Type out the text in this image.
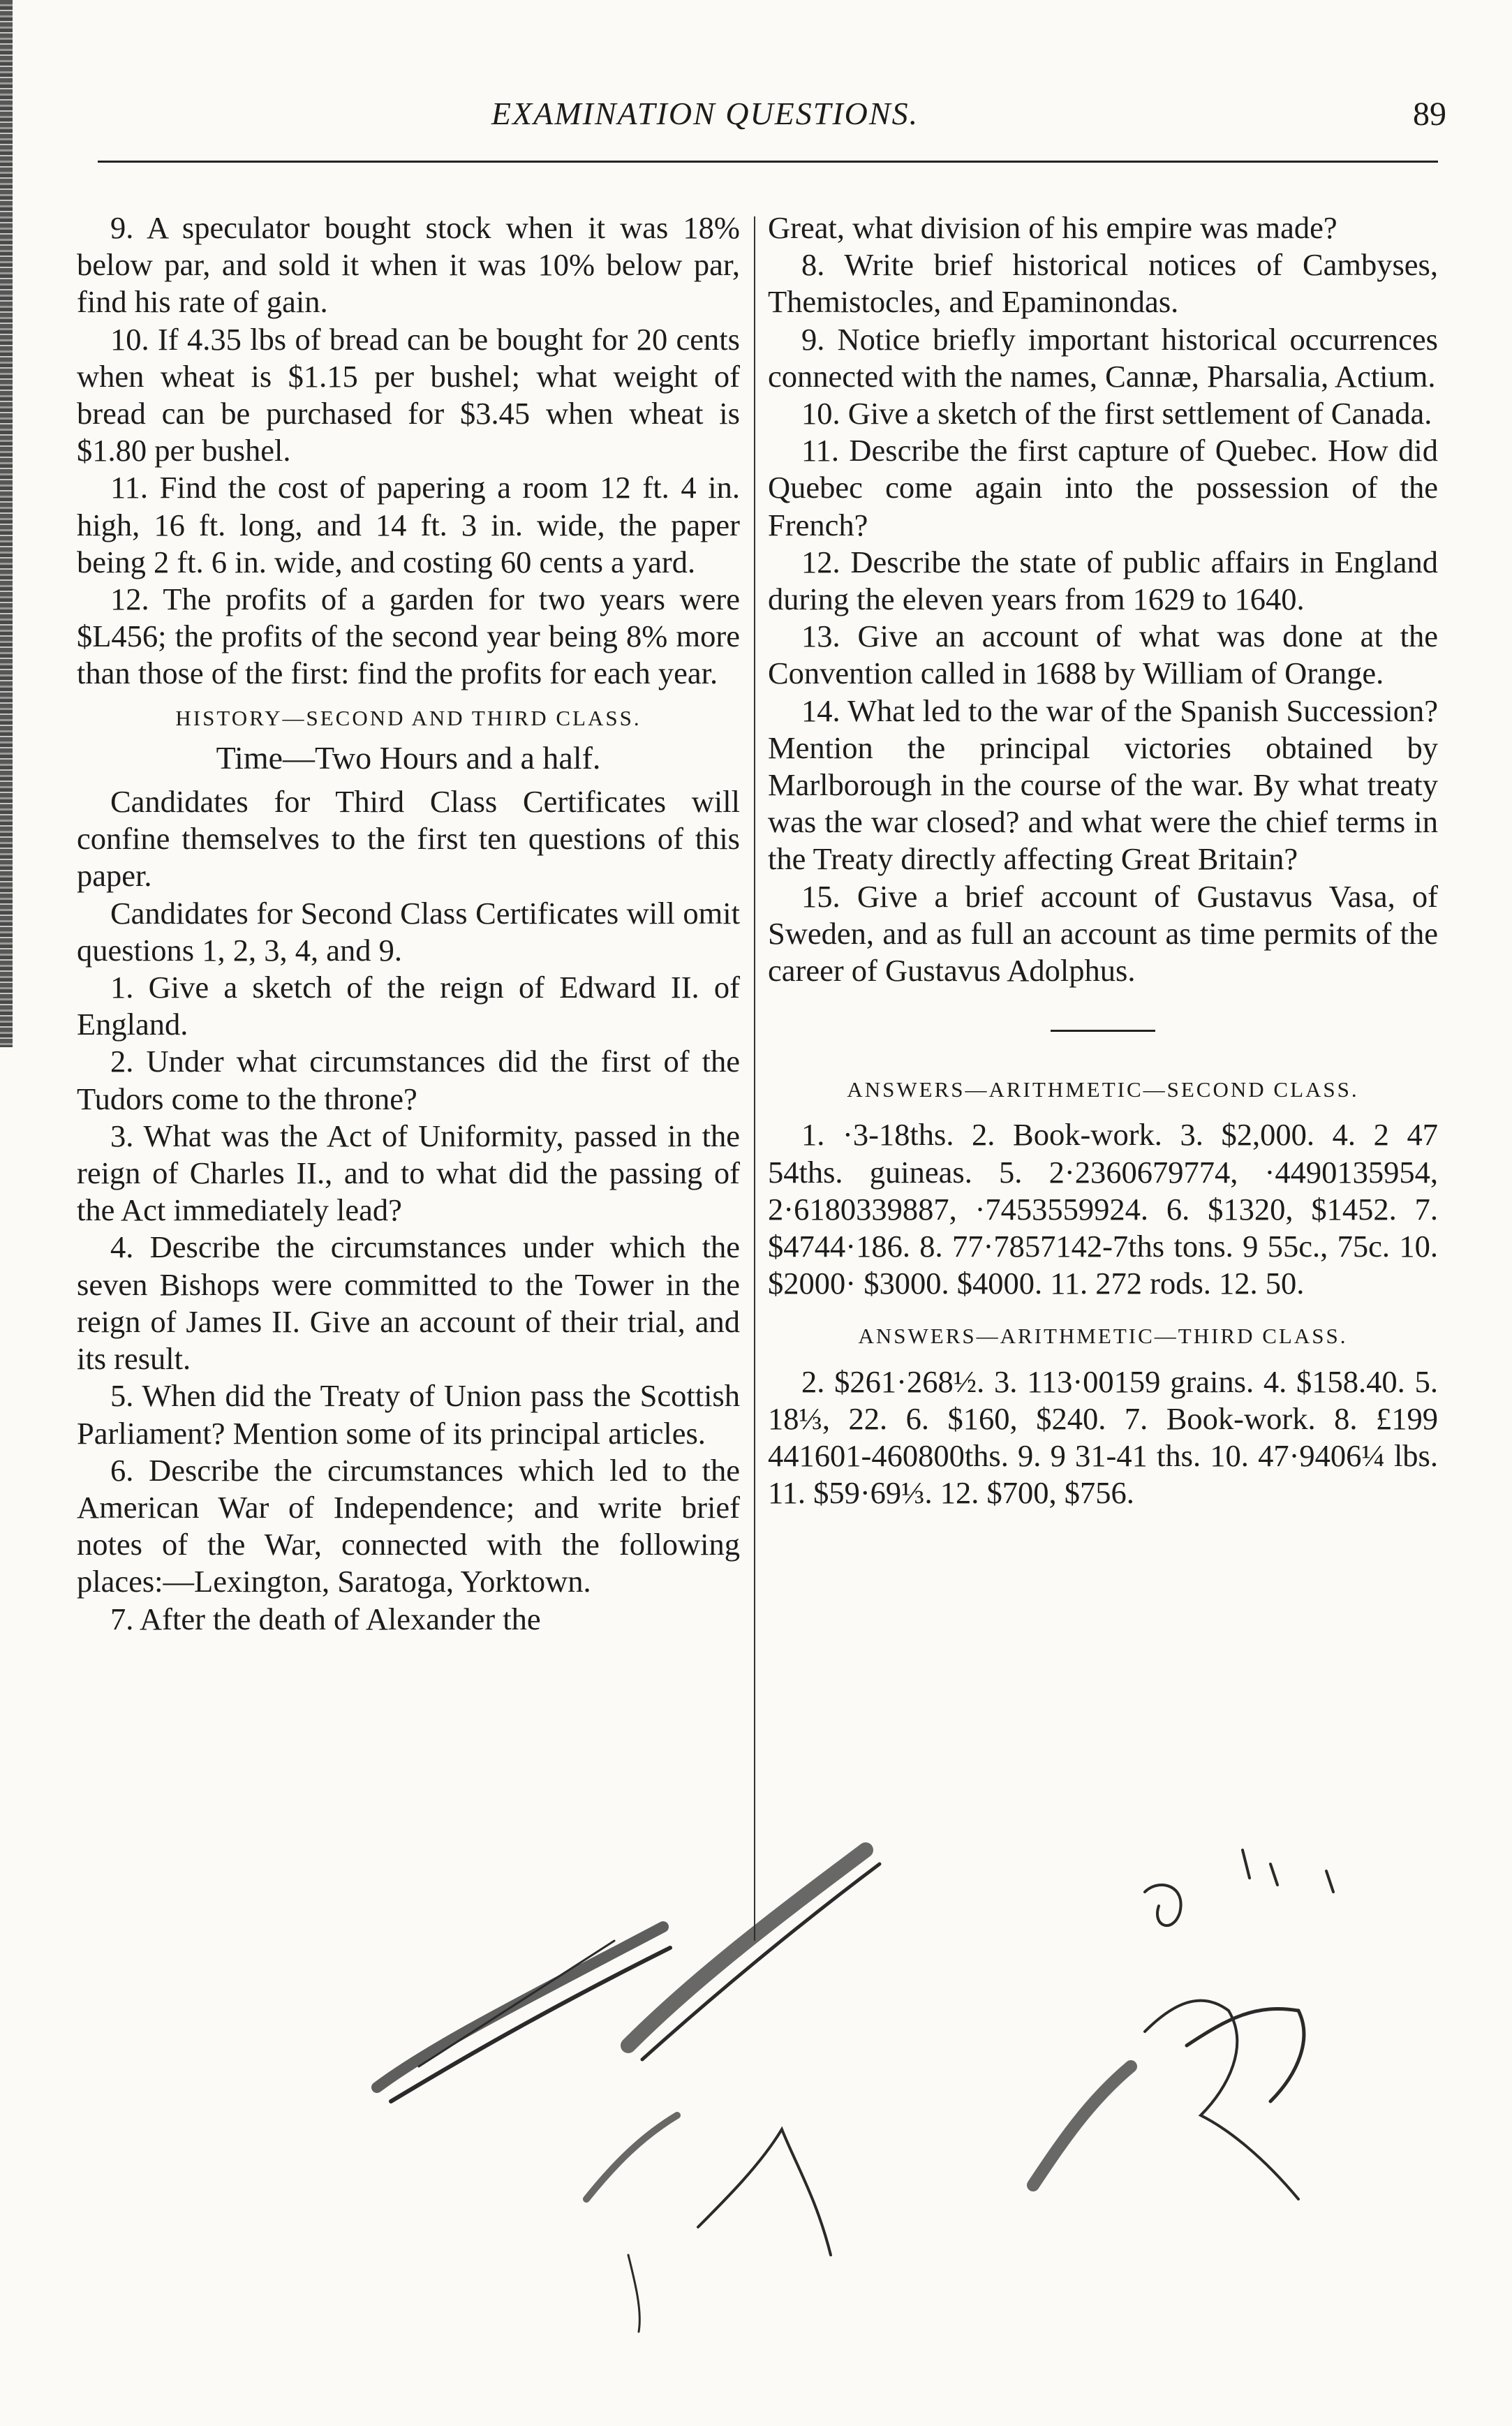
EXAMINATION QUESTIONS.	89

9. A speculator bought stock when it was 18% below par, and sold it when it was 10% below par, find his rate of gain.

10. If 4.35 lbs of bread can be bought for 20 cents when wheat is $1.15 per bushel; what weight of bread can be purchased for $3.45 when wheat is $1.80 per bushel.

11. Find the cost of papering a room 12 ft. 4 in. high, 16 ft. long, and 14 ft. 3 in. wide, the paper being 2 ft. 6 in. wide, and costing 60 cents a yard.

12. The profits of a garden for two years were $L456; the profits of the second year being 8% more than those of the first: find the profits for each year.

HISTORY—SECOND AND THIRD CLASS.
Time—Two Hours and a half.

Candidates for Third Class Certificates will confine themselves to the first ten questions of this paper.

Candidates for Second Class Certificates will omit questions 1, 2, 3, 4, and 9.

1. Give a sketch of the reign of Edward II. of England.

2. Under what circumstances did the first of the Tudors come to the throne?

3. What was the Act of Uniformity, passed in the reign of Charles II., and to what did the passing of the Act immediately lead?

4. Describe the circumstances under which the seven Bishops were committed to the Tower in the reign of James II. Give an account of their trial, and its result.

5. When did the Treaty of Union pass the Scottish Parliament? Mention some of its principal articles.

6. Describe the circumstances which led to the American War of Independence; and write brief notes of the War, connected with the following places:—Lexington, Saratoga, Yorktown.

7. After the death of Alexander the

Great, what division of his empire was made?

8. Write brief historical notices of Cambyses, Themistocles, and Epaminondas.

9. Notice briefly important historical occurrences connected with the names, Cannæ, Pharsalia, Actium.

10. Give a sketch of the first settlement of Canada.

11. Describe the first capture of Quebec. How did Quebec come again into the possession of the French?

12. Describe the state of public affairs in England during the eleven years from 1629 to 1640.

13. Give an account of what was done at the Convention called in 1688 by William of Orange.

14. What led to the war of the Spanish Succession? Mention the principal victories obtained by Marlborough in the course of the war. By what treaty was the war closed? and what were the chief terms in the Treaty directly affecting Great Britain?

15. Give a brief account of Gustavus Vasa, of Sweden, and as full an account as time permits of the career of Gustavus Adolphus.

ANSWERS—ARITHMETIC—SECOND CLASS.

1. ·3-18ths. 2. Book-work. 3. $2,000. 4. 2 47 54ths. guineas. 5. 2·2360679774, ·4490135954, 2·6180339887, ·7453559924. 6. $1320, $1452. 7. $4744·186. 8. 77·7857142-7ths tons. 9 55c., 75c. 10. $2000· $3000. $4000. 11. 272 rods. 12. 50.

ANSWERS—ARITHMETIC—THIRD CLASS.

2. $261·268½. 3. 113·00159 grains. 4. $158.40. 5. 18⅓, 22. 6. $160, $240. 7. Book-work. 8. £199 441601-460800ths. 9. 9 31-41 ths. 10. 47·9406¼ lbs. 11. $59·69⅓. 12. $700, $756.
